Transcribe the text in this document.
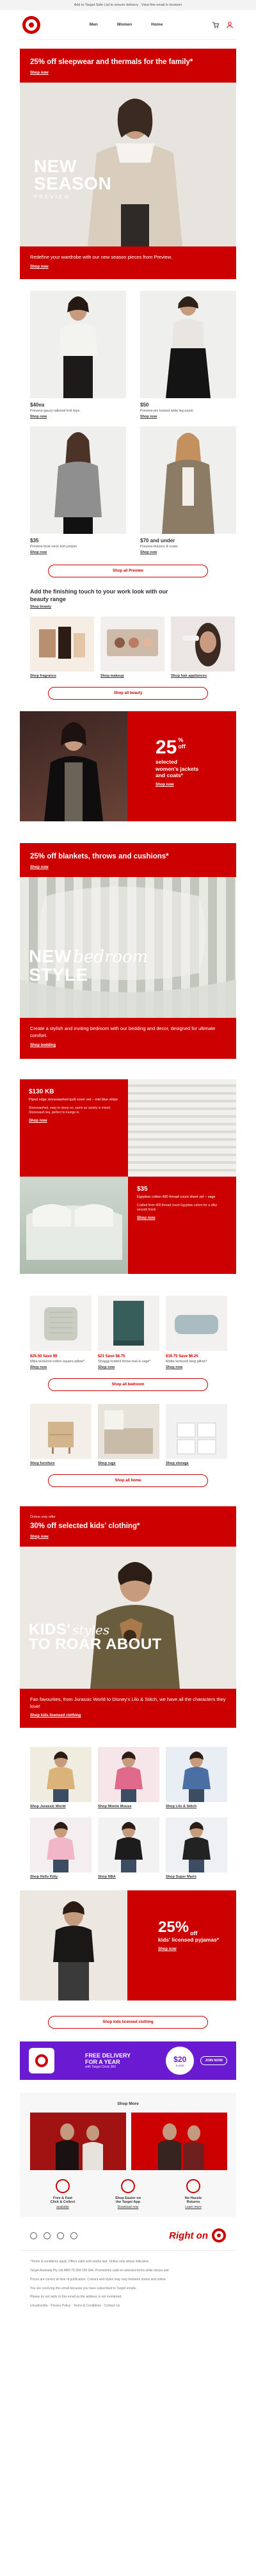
Add to Target Safe List to ensure delivery · View this email in browser
Men	Women	Home
25% off sleepwear and thermals for the family*
Shop now
NEW
SEASON
PREVIEW
Redefine your wardrobe with our new season pieces from Preview.
Shop now
$40ea
Preview gauzy tailored knit tops
Shop now
$50
Preview pin tucked wide leg pants
Shop now
$35
Preview boat neck knit jumper
Shop now
$70 and under
Preview blazers & coats
Shop now
Shop all Preview
Add the finishing touch to your work look with our beauty range
Shop beauty
Shop fragrance	Shop makeup	Shop hair appliances
Shop all beauty
25 %
off
selected
women's jackets
and coats*
Shop now
25% off blankets, throws and cushions*
Shop now
NEW bedroom
STYLE
Create a stylish and inviting bedroom with our bedding and decor, designed for ultimate comfort.
Shop bedding
$130 KB
Piped edge stonewashed quilt cover set – mid blue stripe
Stonewashed, easy to sleep on, same as variety is mixed. Stonewash tea, perfect to lounge in.
Shop now
$35
Egyptian cotton 400 thread count sheet set – sage
Crafted from 400 thread count Egyptian cotton for a silky smooth finish.
Shop now
$25.50 Save $9
Mika textured cotton square pillow*
Shop now
$21 Save $6.75
Shaggy knitted throw teal & sage*
Shop now
$19.75 Save $6.25
Matte textured long pillow*
Shop now
Shop all bedroom
Shop furniture	Shop rugs	Shop storage
Shop all home
Online only offer
30% off selected kids' clothing*
Shop now
KIDS' styles
TO ROAR ABOUT
Fan favourites, from Jurassic World to Disney's Lilo & Stitch, we have all the characters they love!
Shop kids licensed clothing
Shop Jurassic World	Shop Minnie Mouse	Shop Lilo & Stitch
Shop Hello Kitty	Shop NBA	Shop Super Mario
25% off
kids' licensed pyjamas*
Shop now
Shop kids licensed clothing
FREE DELIVERY
FOR A YEAR
with Target Circle 360
$20
a year
JOIN NOW
Shop More
Free & Fast
Click & Collect
available
Shop Easier on
the Target App
Download now
No Hassle
Returns
Learn more
Right on

*Terms & conditions apply. Offers valid until stocks last. Online only where indicated.

Target Australia Pty Ltd ABN 75 004 250 944. Promotions valid on selected items while stocks last.

Prices are correct at time of publication. Colours and styles may vary between stores and online.

You are receiving this email because you have subscribed to Target emails.

Please do not reply to this email as the address is not monitored.

Unsubscribe · Privacy Policy · Terms & Conditions · Contact Us
